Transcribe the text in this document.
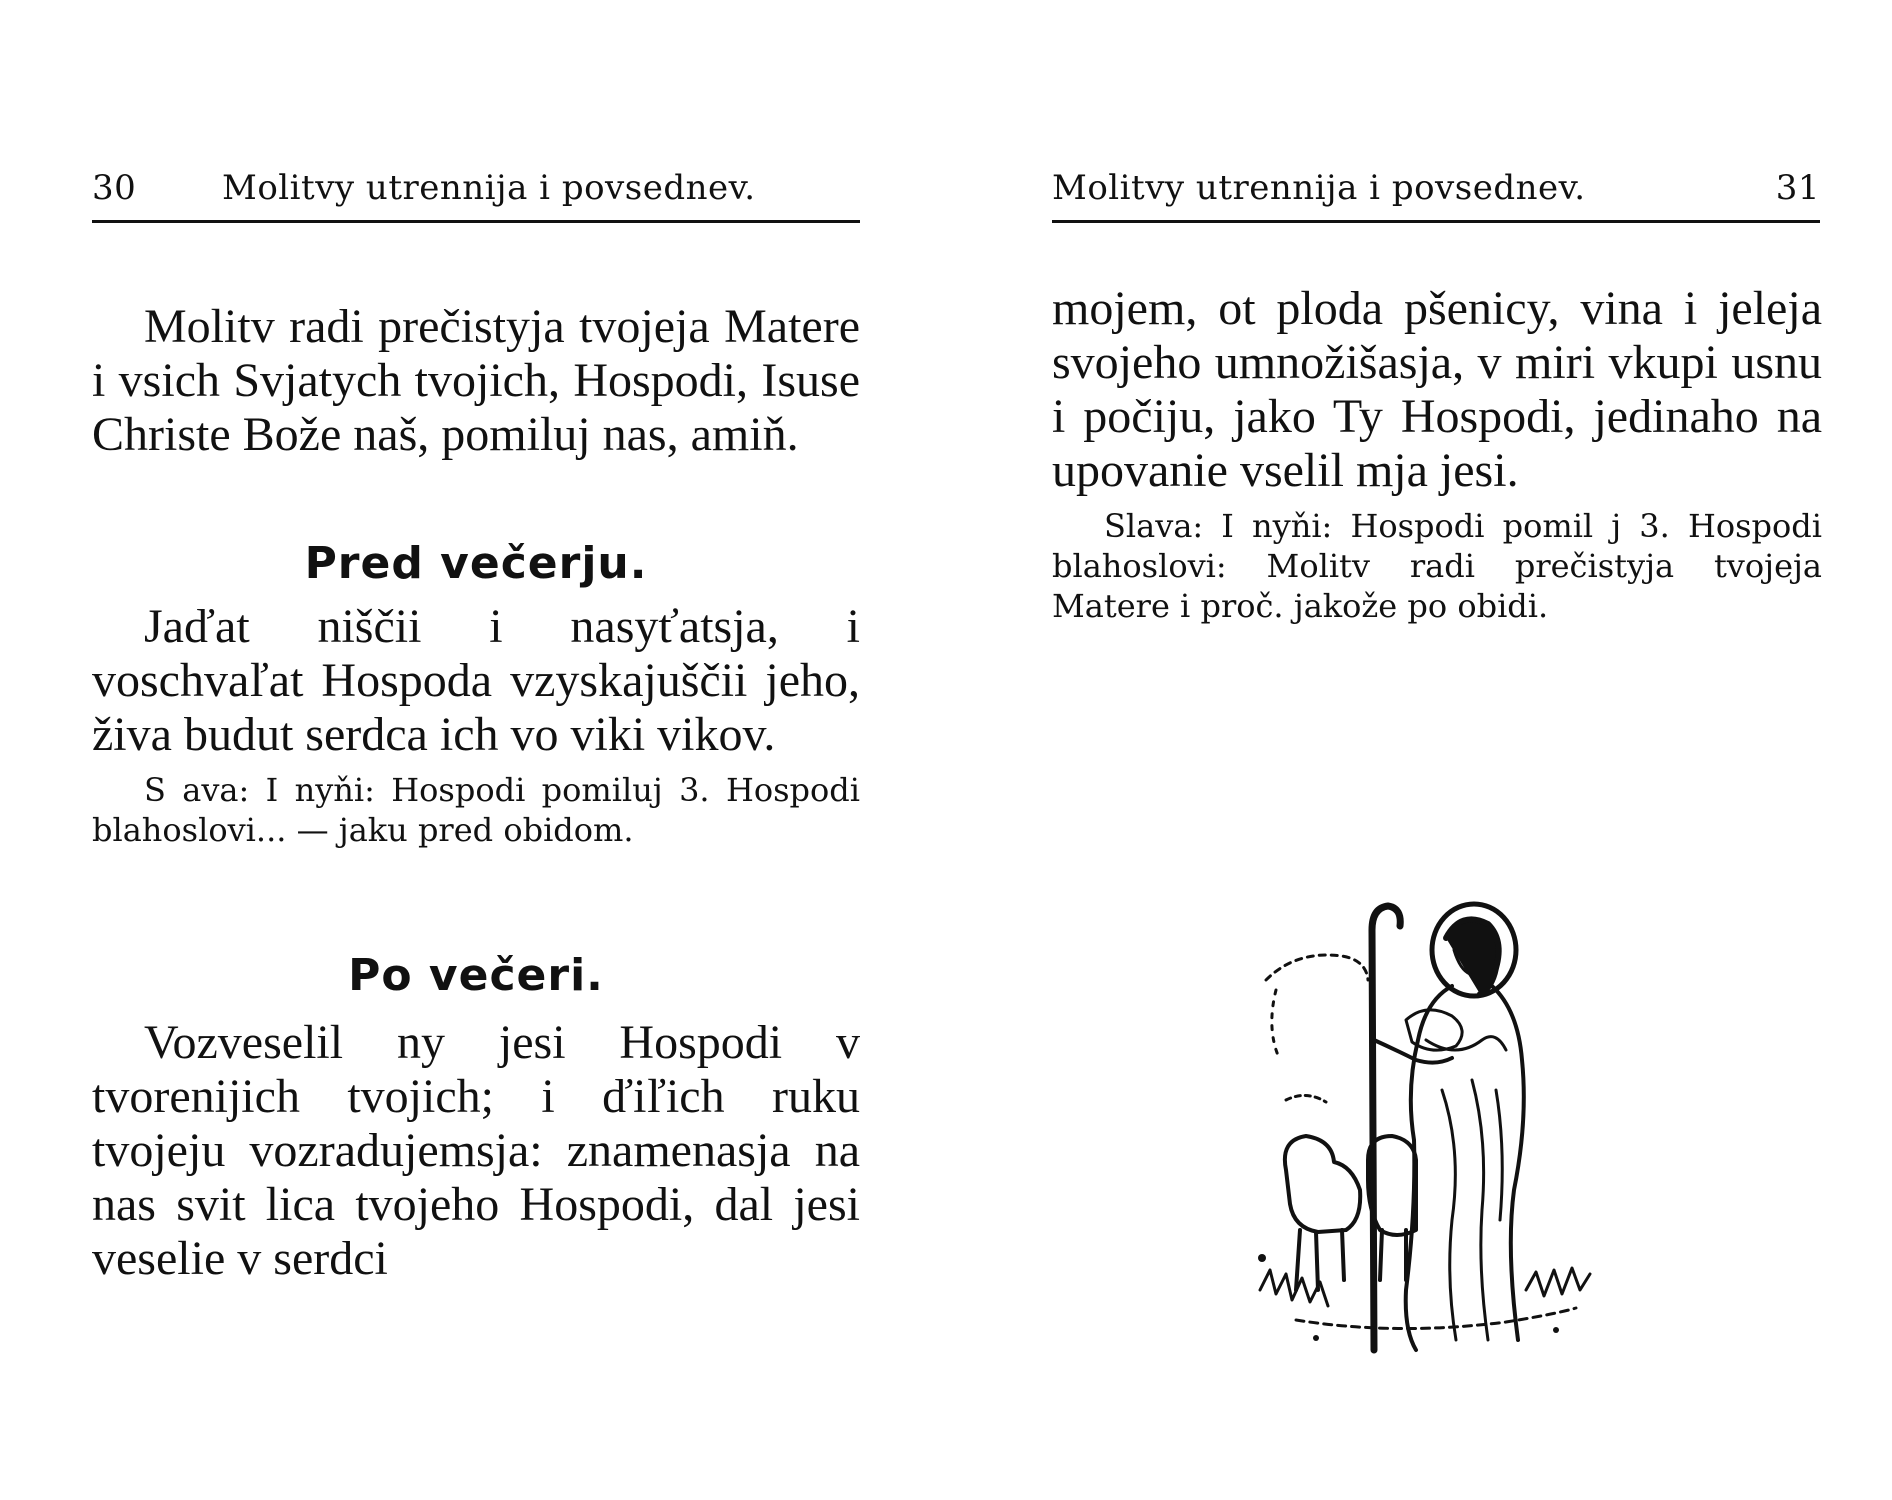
30	Molitvy utrennija i povsednev.

Molitv radi prečistyja tvojeja Matere i vsich Svjatych tvojich, Hospodi, Isuse Christe Bože naš, pomiluj nas, amiň.

Pred večerju.

Jaďat niščii i nasyťatsja, i voschvaľat Hospoda vzyskajuščii jeho, živa budut serdca ich vo viki vikov.

S ava: I nyňi: Hospodi pomiluj 3. Hospodi blahoslovi... — jaku pred obidom.

Po večeri.

Vozveselil ny jesi Hospodi v tvorenijich tvojich; i ďiľich ruku tvojeju vozradujemsja: znamenasja na nas svit lica tvojeho Hospodi, dal jesi veselie v serdci

Molitvy utrennija i povsednev.	31

mojem, ot ploda pšenicy, vina i jeleja svojeho umnožišasja, v miri vkupi usnu i počiju, jako Ty Hospodi, jedinaho na upovanie vselil mja jesi.

Slava: I nyňi: Hospodi pomil j 3. Hospodi blahoslovi: Molitv radi prečistyja tvojeja Matere i proč. jakože po obidi.
